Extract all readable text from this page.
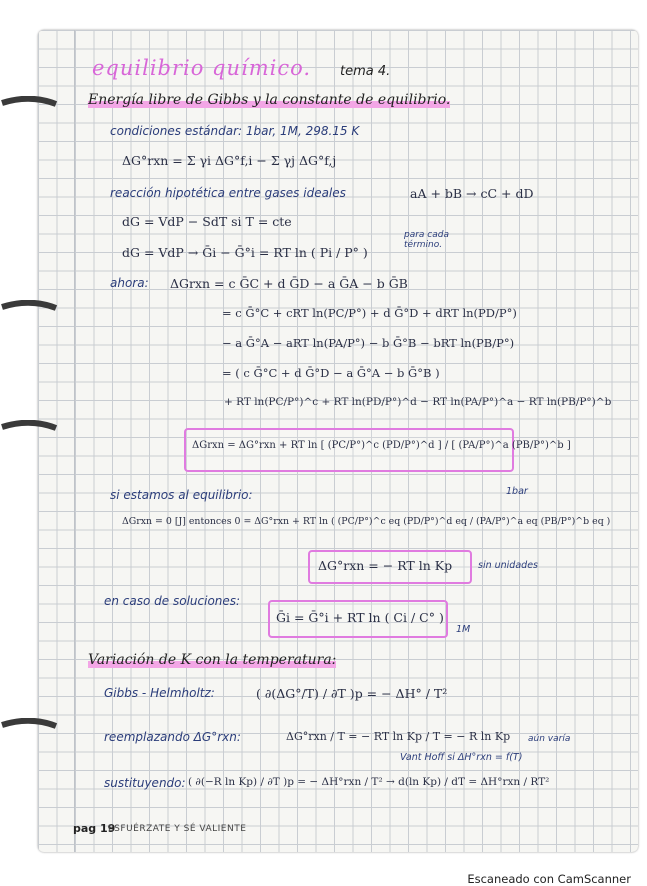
equilibrio químico. tema 4.
Energía libre de Gibbs y la constante de equilibrio.
condiciones estándar: 1bar, 1M, 298.15 K
ΔG°rxn = Σ γi ΔG°f,i − Σ γj ΔG°f,j
reacción hipotética entre gases ideales	aA + bB → cC + dD
dG = VdP − SdT si T = cte
dG = VdP → Ḡi − Ḡ°i = RT ln ( Pi / P° )
para cada término.
ahora: ΔGrxn = c ḠC + d ḠD − a ḠA − b ḠB
= c Ḡ°C + cRT ln(PC/P°) + d Ḡ°D + dRT ln(PD/P°)
− a Ḡ°A − aRT ln(PA/P°) − b Ḡ°B − bRT ln(PB/P°)
= ( c Ḡ°C + d Ḡ°D − a Ḡ°A − b Ḡ°B )
+ RT ln(PC/P°)^c + RT ln(PD/P°)^d − RT ln(PA/P°)^a − RT ln(PB/P°)^b
ΔGrxn = ΔG°rxn + RT ln [ (PC/P°)^c (PD/P°)^d ] / [ (PA/P°)^a (PB/P°)^b ]
si estamos al equilibrio:	1bar
ΔGrxn = 0 [J] entonces 0 = ΔG°rxn + RT ln ( (PC/P°)^c eq (PD/P°)^d eq / (PA/P°)^a eq (PB/P°)^b eq )
ΔG°rxn = − RT ln Kp	sin unidades
en caso de soluciones:
Ḡi = Ḡ°i + RT ln ( Ci / C° )
1M
Variación de K con la temperatura:
Gibbs - Helmholtz:	( ∂(ΔG°/T) / ∂T )p = − ΔH° / T²
reemplazando ΔG°rxn:	ΔG°rxn / T = − RT ln Kp / T = − R ln Kp aún varía
Vant Hoff si ΔH°rxn = f(T)
sustituyendo: ( ∂(−R ln Kp) / ∂T )p = − ΔH°rxn / T² → d(ln Kp) / dT = ΔH°rxn / RT²
pag 19
ESFUÉRZATE Y SÉ VALIENTE
Escaneado con CamScanner
